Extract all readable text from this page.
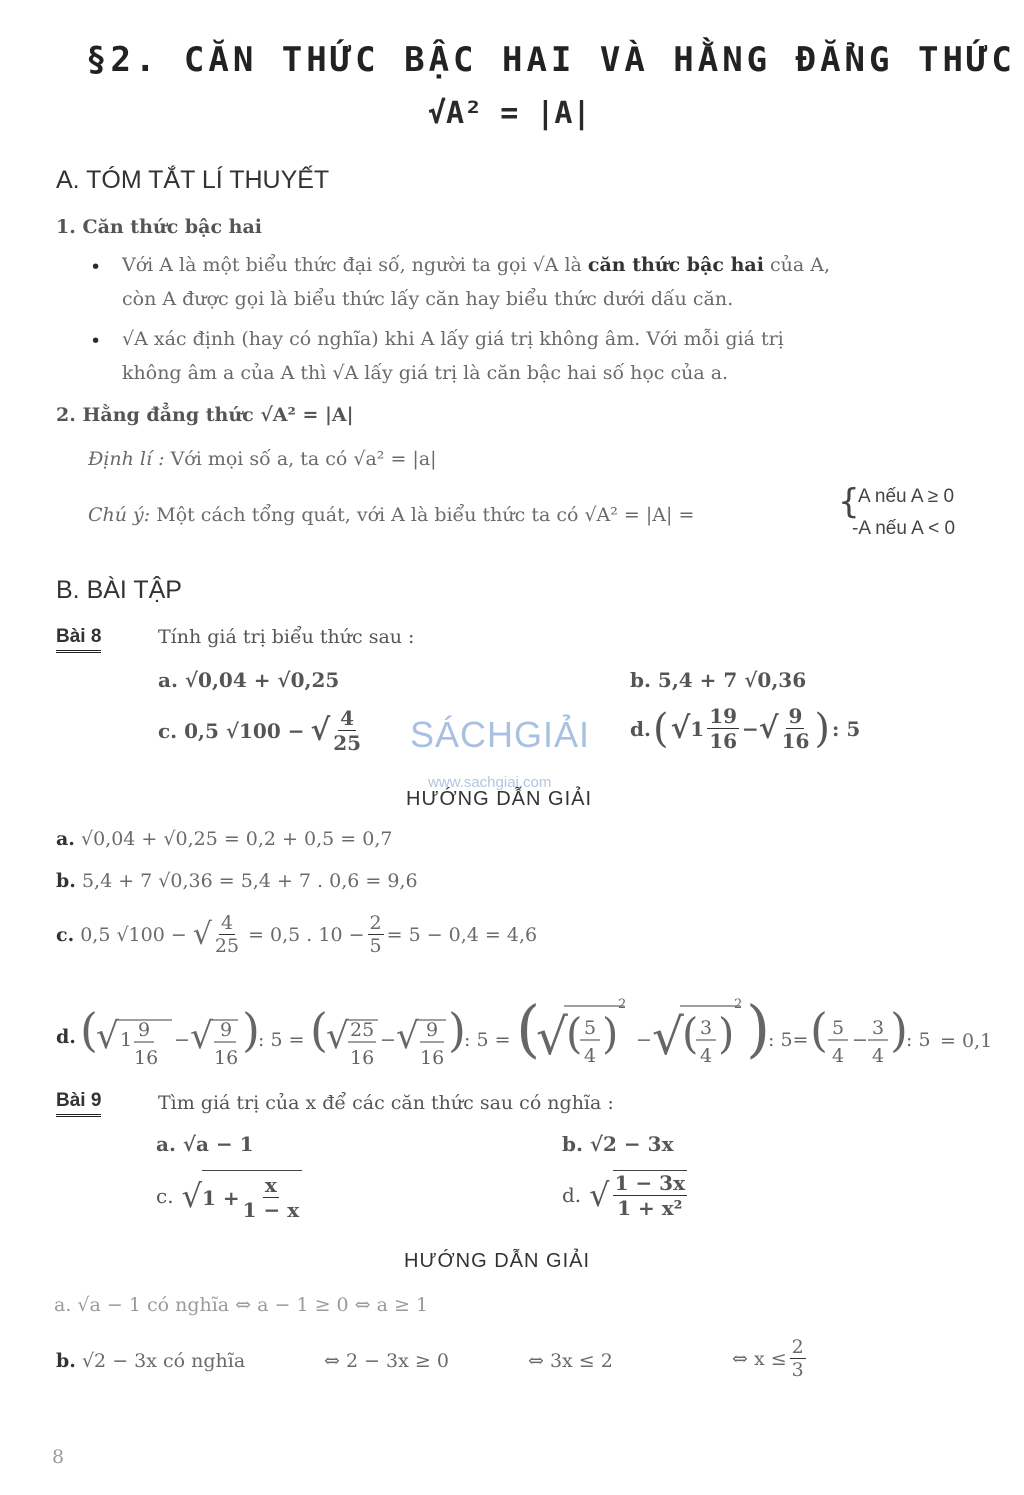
§2. CĂN THỨC BẬC HAI VÀ HẰNG ĐẲNG THỨC
√A² = |A|
A. TÓM TẮT LÍ THUYẾT
1. Căn thức bậc hai
• Với A là một biểu thức đại số, người ta gọi √A là căn thức bậc hai của A,
còn A được gọi là biểu thức lấy căn hay biểu thức dưới dấu căn.
• √A xác định (hay có nghĩa) khi A lấy giá trị không âm. Với mỗi giá trị
không âm a của A thì √A lấy giá trị là căn bậc hai số học của a.
2. Hằng đẳng thức √A² = |A|
Định lí : Với mọi số a, ta có √a² = |a|
Chú ý: Một cách tổng quát, với A là biểu thức ta có √A² = |A| =	{
A nếu A ≥ 0
-A nếu A < 0
B. BÀI TẬP
Bài 8	Tính giá trị biểu thức sau :
a. √0,04 + √0,25	b. 5,4 + 7 √0,36
c. 0,5 √100 − √ $\frac{4}{25}$	d. ( √ $1 \frac{19}{16}$ − √ $\frac{9}{16}$ ) : 5
SÁCHGIẢI
www.sachgiai.com
HƯỚNG DẪN GIẢI
a. √0,04 + √0,25 = 0,2 + 0,5 = 0,7
b. 5,4 + 7 √0,36 = 5,4 + 7 . 0,6 = 9,6
c. 0,5 √100 − √ $\frac{4}{25} = 0,5$ . $10 - \frac{2}{5} = 5 - 0,4 = 4,6$
d. (
√ 1 9
16
− √ 9
16
)
: 5 = (
√ 25
16
− √ 9
16
)
: 5 = (
√
( 5
4 )
2
− √
( 3
4 )
2 )
: 5= ( 5
4
−
3
4 )
: 5 = 0,1
Bài 9	Tìm giá trị của x để các căn thức sau có nghĩa :
a. √a − 1	b. √2 − 3x
c. √ $1 + \frac{x}{1 - x}$	d. √ $\frac{1 - 3x}{\text{1 + x²}}$
HƯỚNG DẪN GIẢI
a. √a − 1 có nghĩa ⇔ a − 1 ≥ 0 ⇔ a ≥ 1
b. √2 − 3x có nghĩa	⇔ 2 − 3x ≥ 0	⇔ 3x ≤ 2	⇔ $x \le \frac{2}{3}$
8
